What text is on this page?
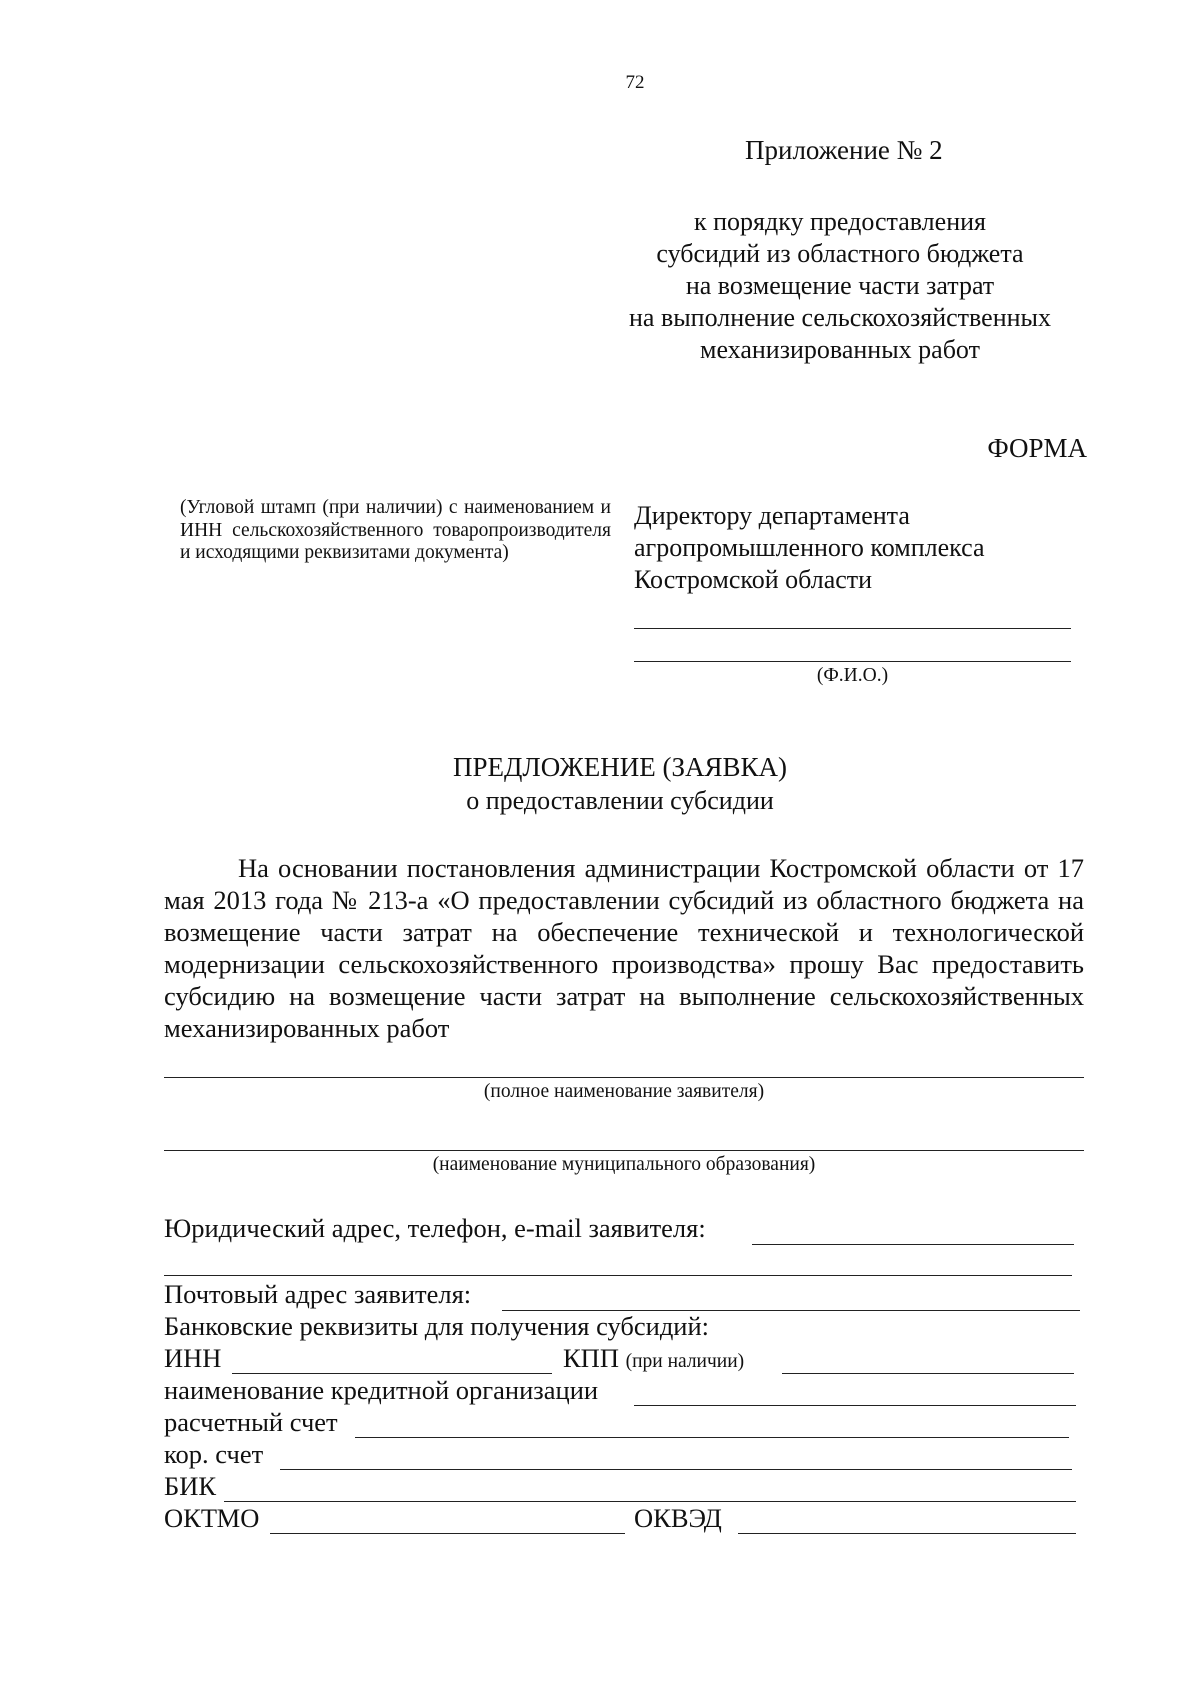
72
Приложение № 2
к порядку предоставления
субсидий из областного бюджета
на возмещение части затрат
на выполнение сельскохозяйственных
механизированных работ
ФОРМА
(Угловой штамп (при наличии) с наименованием и ИНН сельскохозяйственного товаропроизводителя и исходящими реквизитами документа)
Директору департамента
агропромышленного комплекса
Костромской области
(Ф.И.О.)
ПРЕДЛОЖЕНИЕ (ЗАЯВКА)
о предоставлении субсидии
На основании постановления администрации Костромской области от 17 мая 2013 года № 213-а «О предоставлении субсидий из областного бюджета на возмещение части затрат на обеспечение технической и технологической модернизации сельскохозяйственного производства» прошу Вас предоставить субсидию на возмещение части затрат на выполнение сельскохозяйственных механизированных работ
(полное наименование заявителя)
(наименование муниципального образования)
Юридический адрес, телефон, e-mail заявителя:
Почтовый адрес заявителя:
Банковские реквизиты для получения субсидий:
ИНН	КПП (при наличии)
наименование кредитной организации
расчетный счет
кор. счет
БИК
ОКТМО	ОКВЭД
